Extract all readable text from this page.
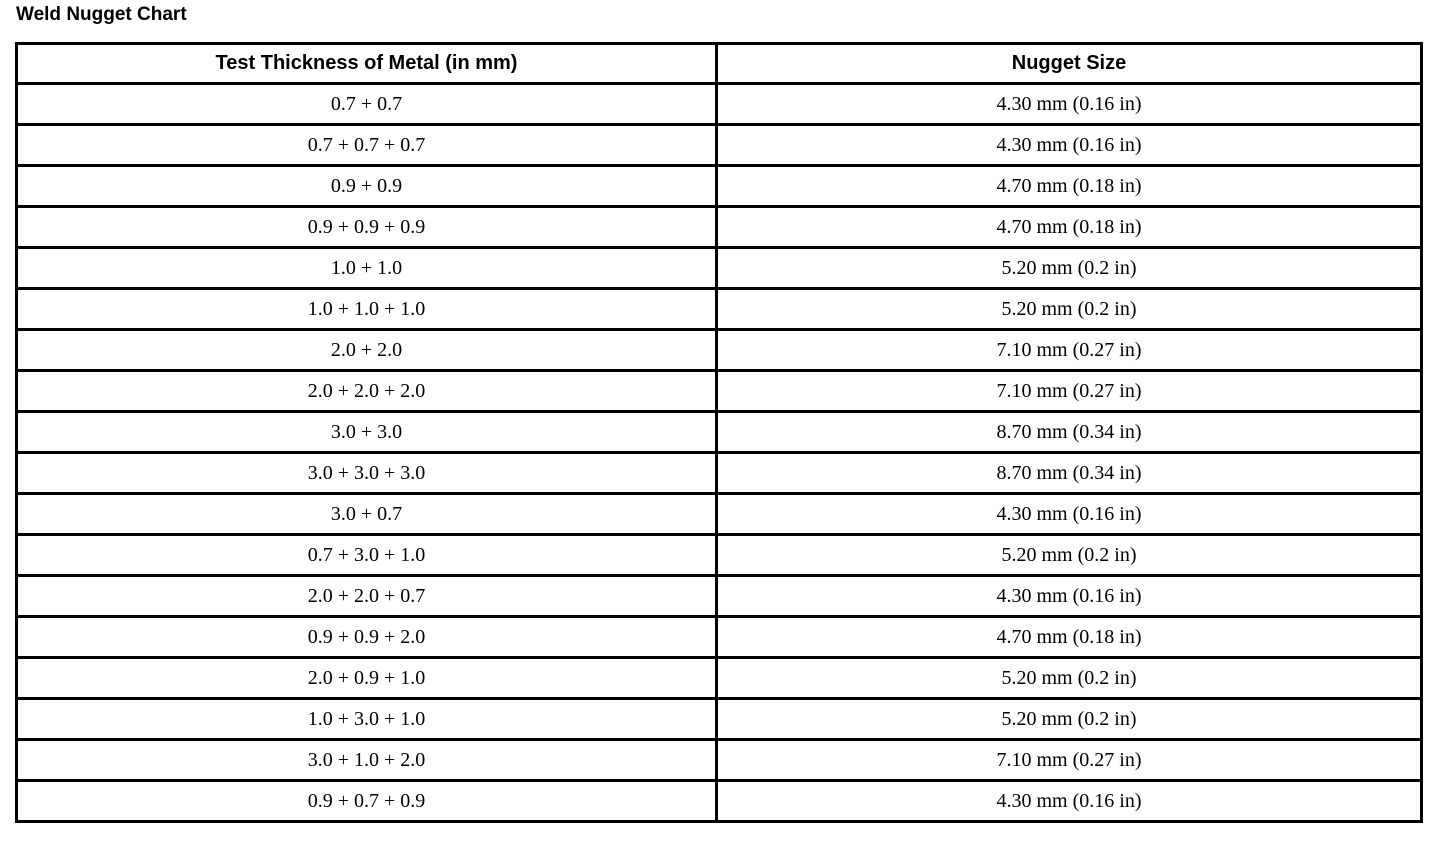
Weld Nugget Chart
Test Thickness of Metal (in mm)	Nugget Size
0.7 + 0.7	4.30 mm (0.16 in)
0.7 + 0.7 + 0.7	4.30 mm (0.16 in)
0.9 + 0.9	4.70 mm (0.18 in)
0.9 + 0.9 + 0.9	4.70 mm (0.18 in)
1.0 + 1.0	5.20 mm (0.2 in)
1.0 + 1.0 + 1.0	5.20 mm (0.2 in)
2.0 + 2.0	7.10 mm (0.27 in)
2.0 + 2.0 + 2.0	7.10 mm (0.27 in)
3.0 + 3.0	8.70 mm (0.34 in)
3.0 + 3.0 + 3.0	8.70 mm (0.34 in)
3.0 + 0.7	4.30 mm (0.16 in)
0.7 + 3.0 + 1.0	5.20 mm (0.2 in)
2.0 + 2.0 + 0.7	4.30 mm (0.16 in)
0.9 + 0.9 + 2.0	4.70 mm (0.18 in)
2.0 + 0.9 + 1.0	5.20 mm (0.2 in)
1.0 + 3.0 + 1.0	5.20 mm (0.2 in)
3.0 + 1.0 + 2.0	7.10 mm (0.27 in)
0.9 + 0.7 + 0.9	4.30 mm (0.16 in)
